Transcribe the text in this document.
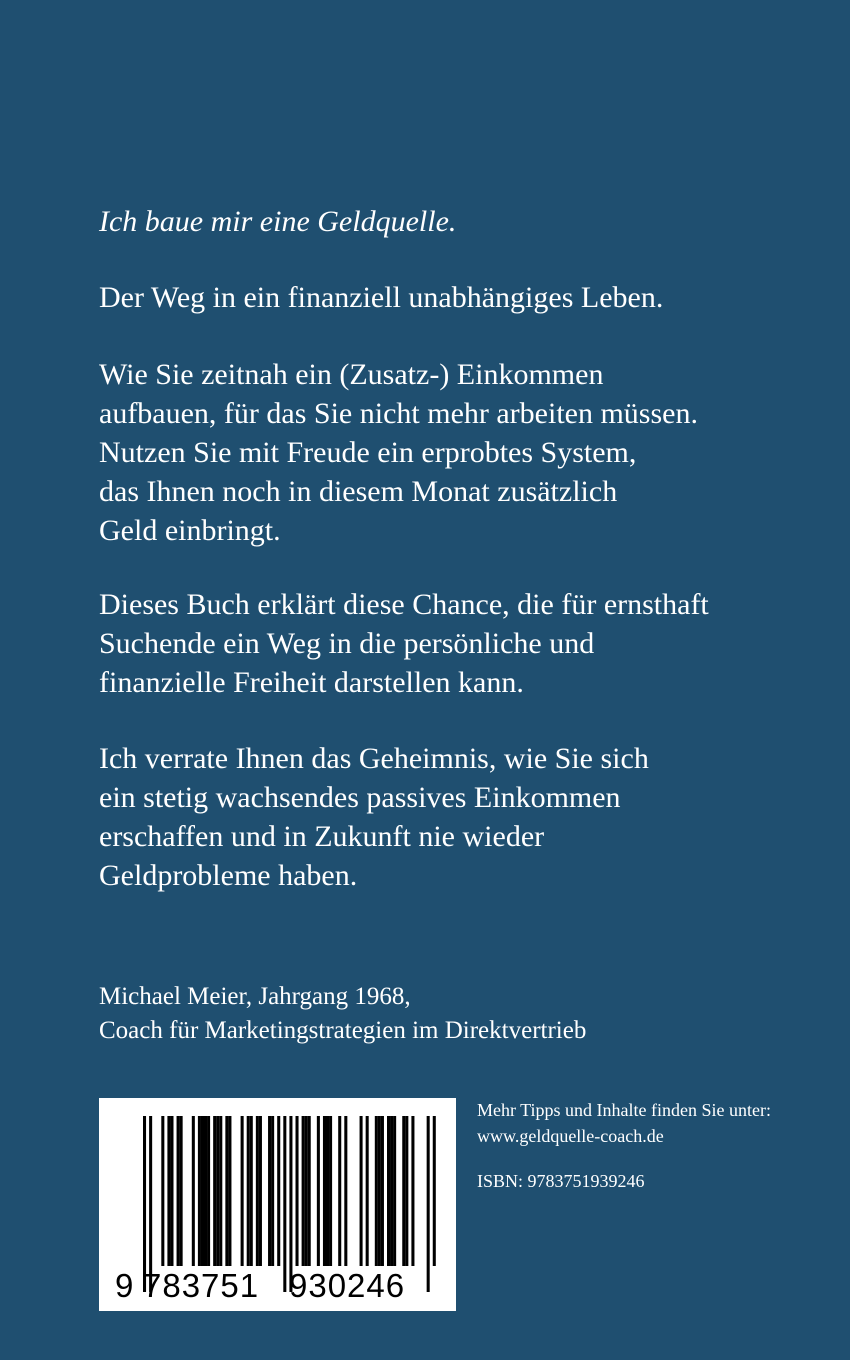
Ich baue mir eine Geldquelle.
Der Weg in ein finanziell unabhängiges Leben.
Wie Sie zeitnah ein (Zusatz-) Einkommen
aufbauen, für das Sie nicht mehr arbeiten müssen.
Nutzen Sie mit Freude ein erprobtes System,
das Ihnen noch in diesem Monat zusätzlich
Geld einbringt.
Dieses Buch erklärt diese Chance, die für ernsthaft
Suchende ein Weg in die persönliche und
finanzielle Freiheit darstellen kann.
Ich verrate Ihnen das Geheimnis, wie Sie sich
ein stetig wachsendes passives Einkommen
erschaffen und in Zukunft nie wieder
Geldprobleme haben.
Michael Meier, Jahrgang 1968,
Coach für Marketingstrategien im Direktvertrieb
9 783751 930246
Mehr Tipps und Inhalte finden Sie unter:
www.geldquelle-coach.de
ISBN: 9783751939246
